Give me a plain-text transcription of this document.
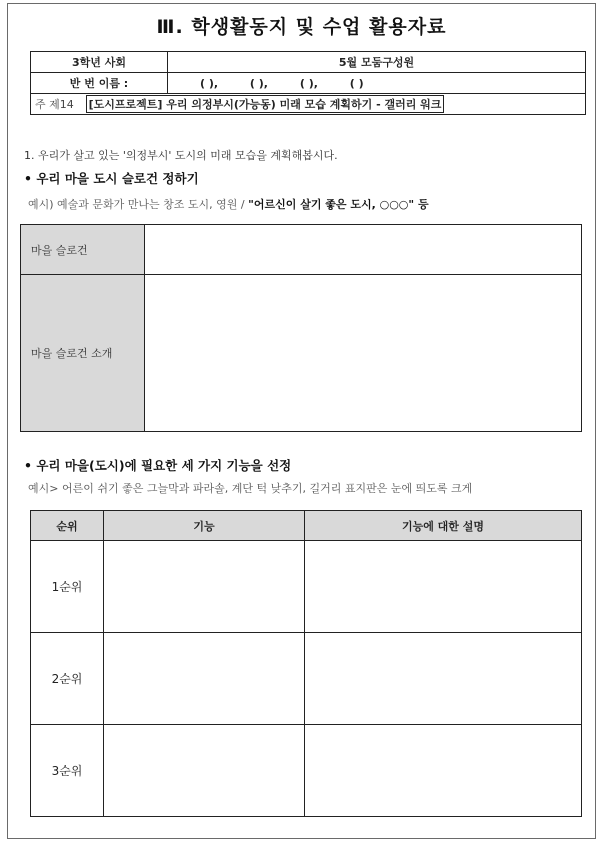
Ⅲ. 학생활동지 및 수업 활용자료
3학년 사회	5월 모둠구성원
반 번 이름 :	( ), ( ), ( ), ( )
주 제14 [도시프로젝트] 우리 의정부시(가능동) 미래 모습 계획하기 - 갤러리 워크	
1. 우리가 살고 있는 '의정부시' 도시의 미래 모습을 계획해봅시다.
• 우리 마을 도시 슬로건 정하기
예시) 예술과 문화가 만나는 창조 도시, 영원 / "어르신이 살기 좋은 도시, ○○○" 등
마을 슬로건	
마을 슬로건 소개	
• 우리 마을(도시)에 필요한 세 가지 기능을 선정
예시> 어른이 쉬기 좋은 그늘막과 파라솔, 계단 턱 낮추기, 길거리 표지판은 눈에 띄도록 크게
순위	기능	기능에 대한 설명
1순위		
2순위		
3순위		
